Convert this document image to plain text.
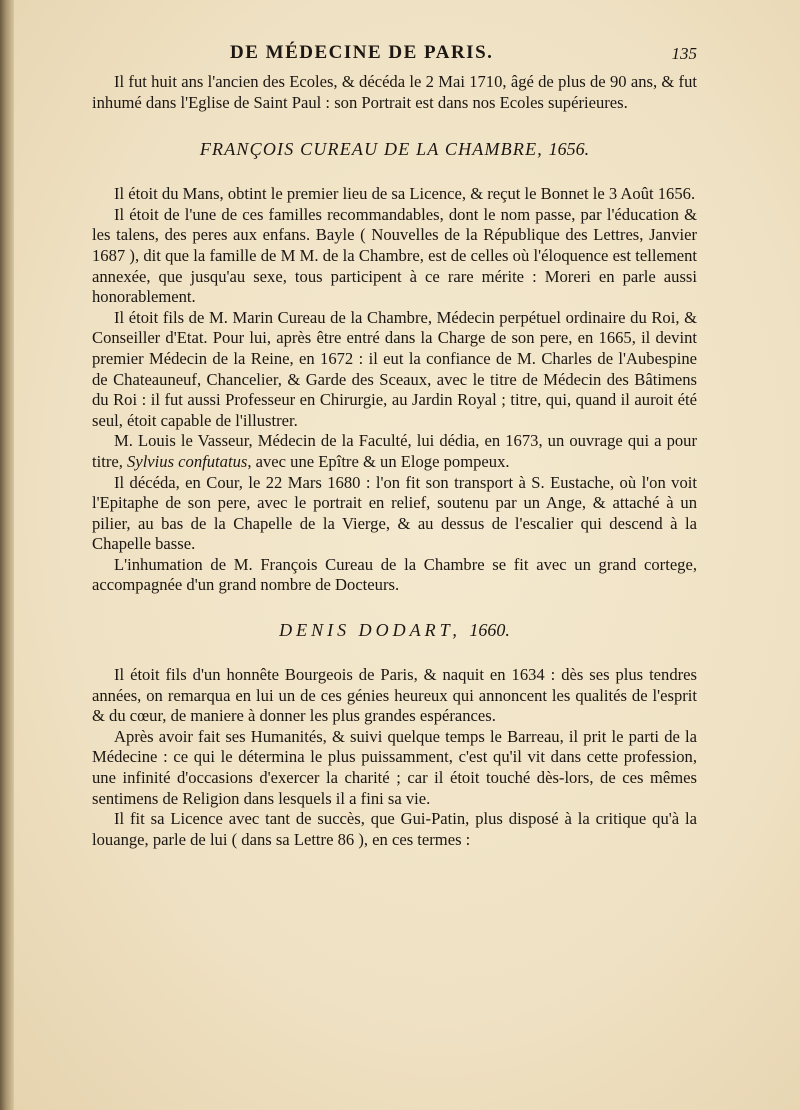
DE MÉDECINE DE PARIS.	135

Il fut huit ans l'ancien des Ecoles, & décéda le 2 Mai 1710, âgé de plus de 90 ans, & fut inhumé dans l'Eglise de Saint Paul : son Portrait est dans nos Ecoles supérieures.

FRANÇOIS CUREAU DE LA CHAMBRE, 1656.

Il étoit du Mans, obtint le premier lieu de sa Licence, & reçut le Bonnet le 3 Août 1656.

Il étoit de l'une de ces familles recommandables, dont le nom passe, par l'éducation & les talens, des peres aux enfans. Bayle ( Nouvelles de la République des Lettres, Janvier 1687 ), dit que la famille de M M. de la Chambre, est de celles où l'éloquence est tellement annexée, que jusqu'au sexe, tous participent à ce rare mérite : Moreri en parle aussi honorablement.

Il étoit fils de M. Marin Cureau de la Chambre, Médecin perpétuel ordinaire du Roi, & Conseiller d'Etat. Pour lui, après être entré dans la Charge de son pere, en 1665, il devint premier Médecin de la Reine, en 1672 : il eut la confiance de M. Charles de l'Aubespine de Chateauneuf, Chancelier, & Garde des Sceaux, avec le titre de Médecin des Bâtimens du Roi : il fut aussi Professeur en Chirurgie, au Jardin Royal ; titre, qui, quand il auroit été seul, étoit capable de l'illustrer.

M. Louis le Vasseur, Médecin de la Faculté, lui dédia, en 1673, un ouvrage qui a pour titre, Sylvius confutatus, avec une Epître & un Eloge pompeux.

Il décéda, en Cour, le 22 Mars 1680 : l'on fit son transport à S. Eustache, où l'on voit l'Epitaphe de son pere, avec le portrait en relief, soutenu par un Ange, & attaché à un pilier, au bas de la Chapelle de la Vierge, & au dessus de l'escalier qui descend à la Chapelle basse.

L'inhumation de M. François Cureau de la Chambre se fit avec un grand cortege, accompagnée d'un grand nombre de Docteurs.

DENIS DODART, 1660.

Il étoit fils d'un honnête Bourgeois de Paris, & naquit en 1634 : dès ses plus tendres années, on remarqua en lui un de ces génies heureux qui annoncent les qualités de l'esprit & du cœur, de maniere à donner les plus grandes espérances.

Après avoir fait ses Humanités, & suivi quelque temps le Barreau, il prit le parti de la Médecine : ce qui le détermina le plus puissamment, c'est qu'il vit dans cette profession, une infinité d'occasions d'exercer la charité ; car il étoit touché dès-lors, de ces mêmes sentimens de Religion dans lesquels il a fini sa vie.

Il fit sa Licence avec tant de succès, que Gui-Patin, plus disposé à la critique qu'à la louange, parle de lui ( dans sa Lettre 86 ), en ces termes :
